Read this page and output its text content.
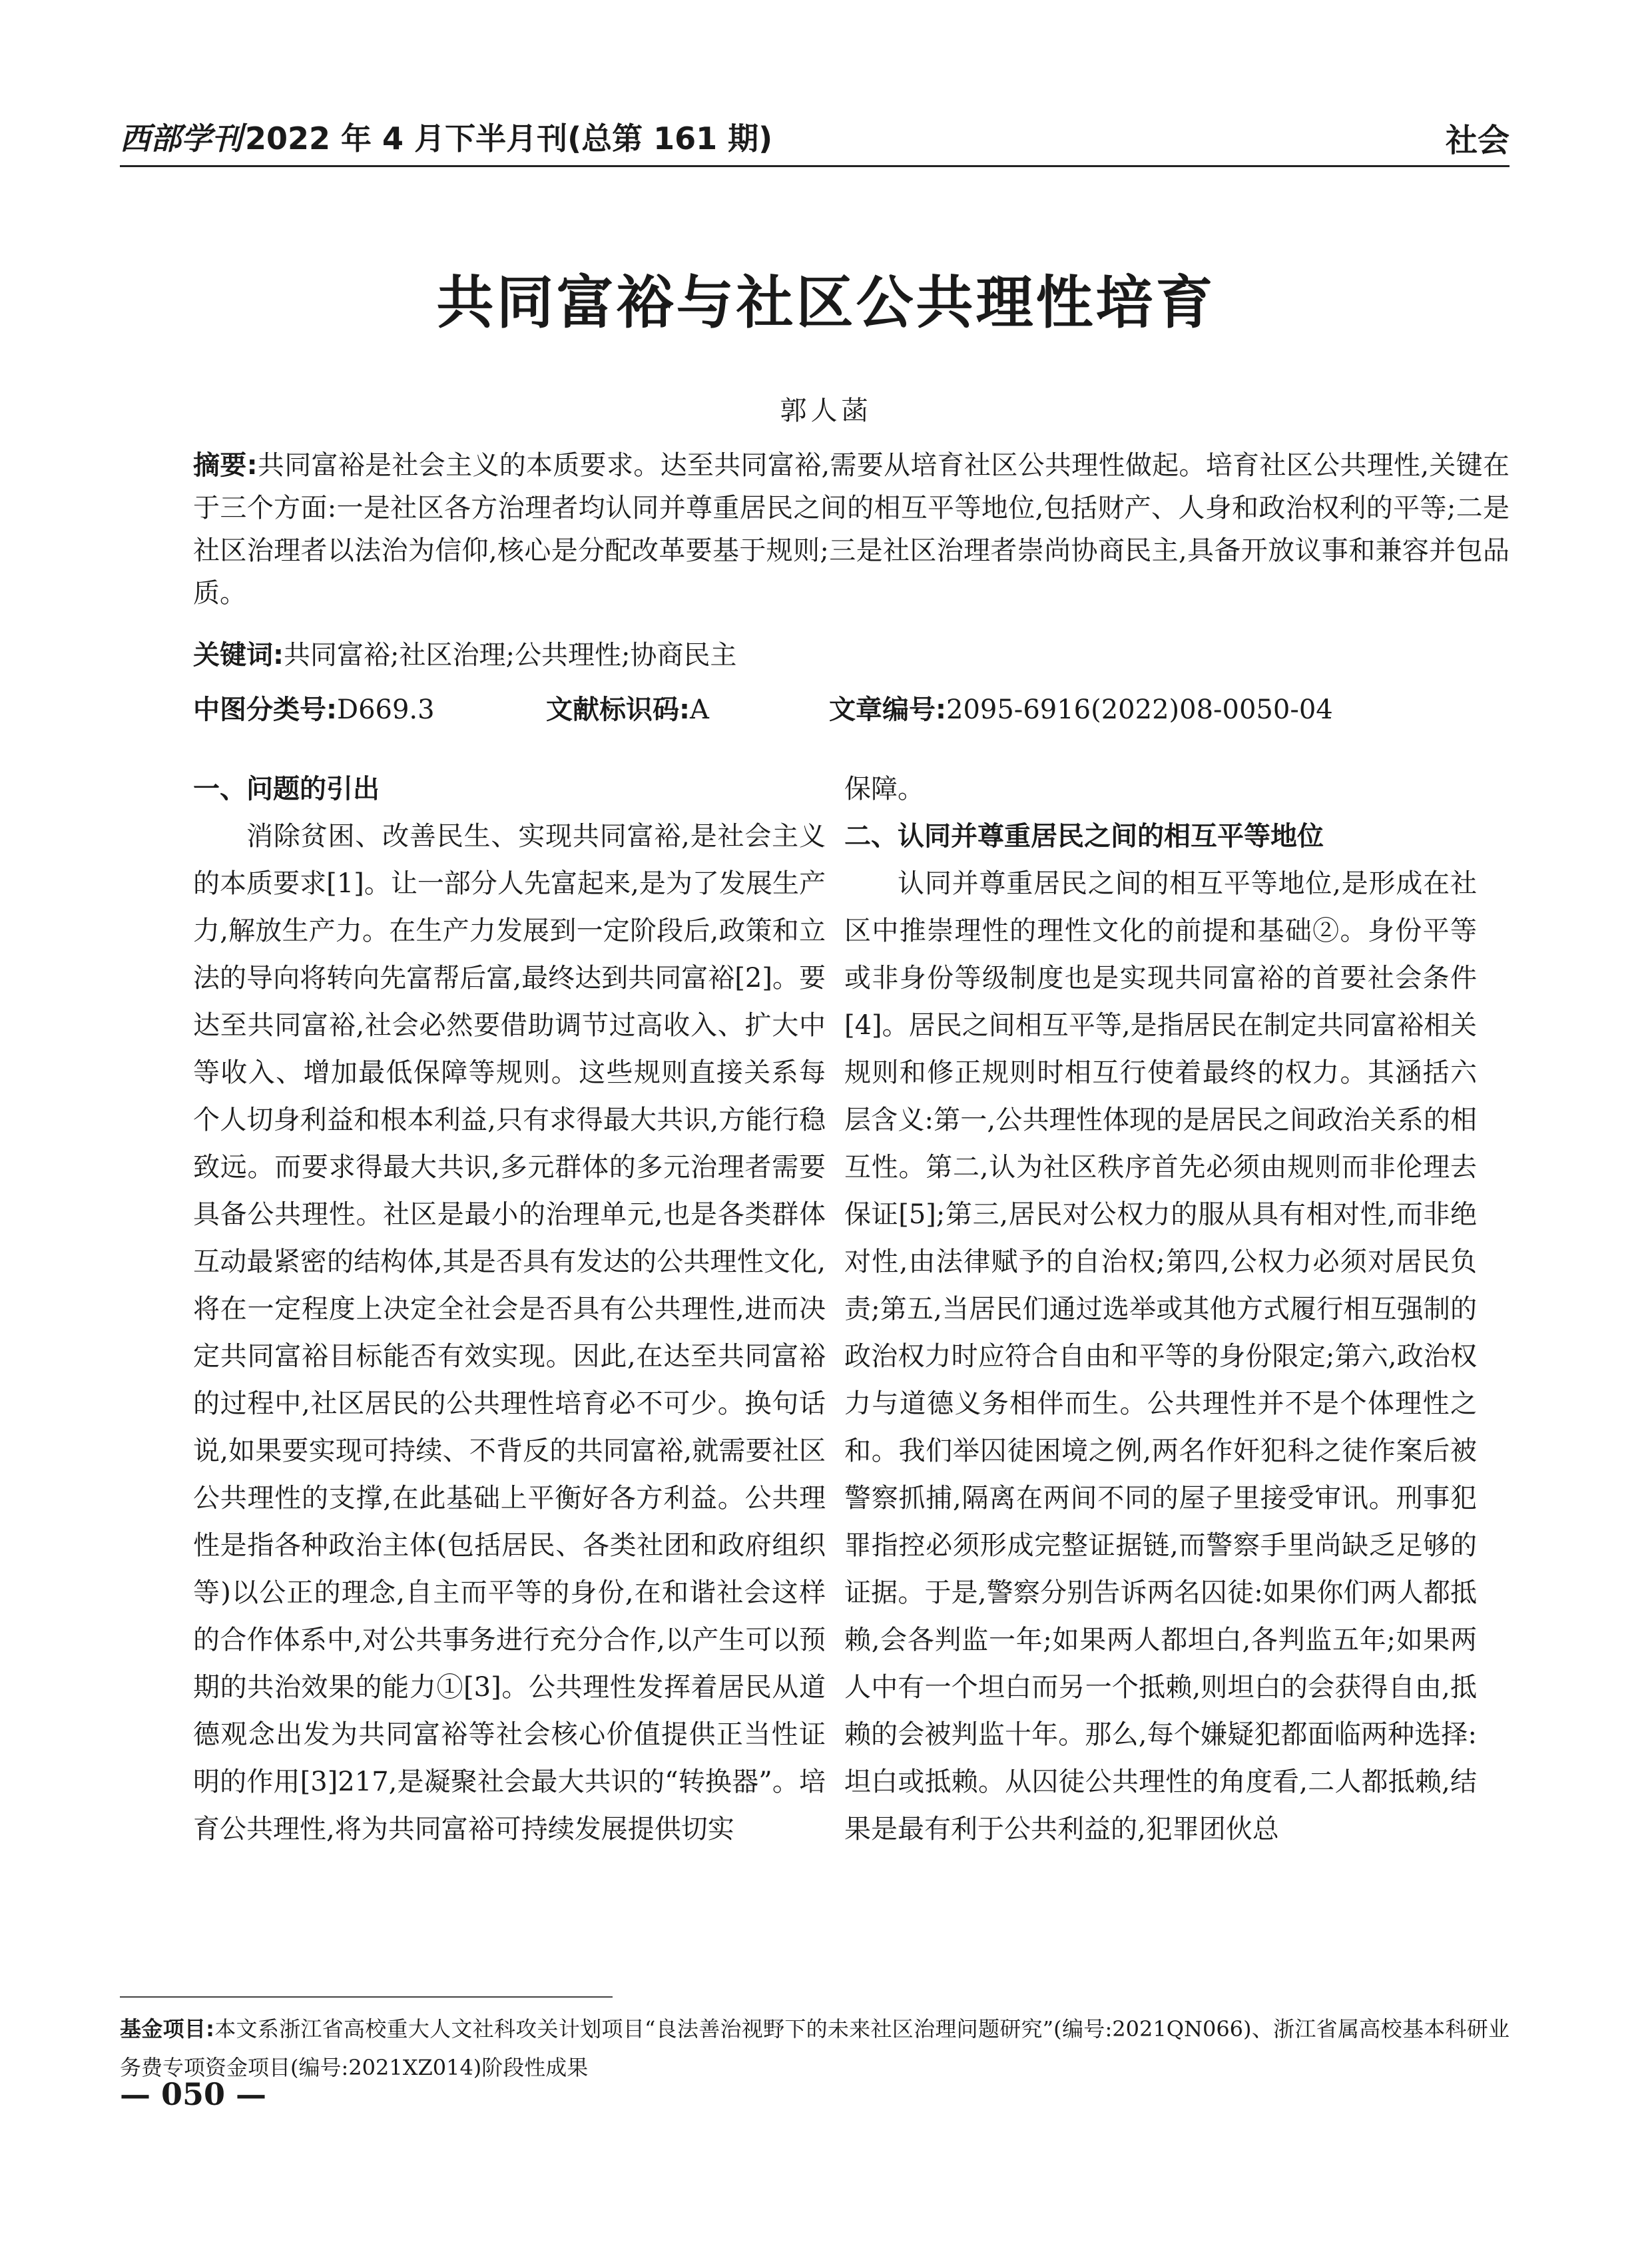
西部学刊2022 年 4 月下半月刊(总第 161 期)	社会
共同富裕与社区公共理性培育
郭人菡
摘要:共同富裕是社会主义的本质要求。达至共同富裕,需要从培育社区公共理性做起。培育社区公共理性,关键在于三个方面:一是社区各方治理者均认同并尊重居民之间的相互平等地位,包括财产、人身和政治权利的平等;二是社区治理者以法治为信仰,核心是分配改革要基于规则;三是社区治理者崇尚协商民主,具备开放议事和兼容并包品质。
关键词:共同富裕;社区治理;公共理性;协商民主
中图分类号:D669.3	文献标识码:A	文章编号:2095-6916(2022)08-0050-04
一、问题的引出

消除贫困、改善民生、实现共同富裕,是社会主义的本质要求[1]。让一部分人先富起来,是为了发展生产力,解放生产力。在生产力发展到一定阶段后,政策和立法的导向将转向先富帮后富,最终达到共同富裕[2]。要达至共同富裕,社会必然要借助调节过高收入、扩大中等收入、增加最低保障等规则。这些规则直接关系每个人切身利益和根本利益,只有求得最大共识,方能行稳致远。而要求得最大共识,多元群体的多元治理者需要具备公共理性。社区是最小的治理单元,也是各类群体互动最紧密的结构体,其是否具有发达的公共理性文化,将在一定程度上决定全社会是否具有公共理性,进而决定共同富裕目标能否有效实现。因此,在达至共同富裕的过程中,社区居民的公共理性培育必不可少。换句话说,如果要实现可持续、不背反的共同富裕,就需要社区公共理性的支撑,在此基础上平衡好各方利益。公共理性是指各种政治主体(包括居民、各类社团和政府组织等)以公正的理念,自主而平等的身份,在和谐社会这样的合作体系中,对公共事务进行充分合作,以产生可以预期的共治效果的能力①[3]。公共理性发挥着居民从道德观念出发为共同富裕等社会核心价值提供正当性证明的作用[3]217,是凝聚社会最大共识的“转换器”。培育公共理性,将为共同富裕可持续发展提供切实

保障。

二、认同并尊重居民之间的相互平等地位

认同并尊重居民之间的相互平等地位,是形成在社区中推崇理性的理性文化的前提和基础②。身份平等或非身份等级制度也是实现共同富裕的首要社会条件[4]。居民之间相互平等,是指居民在制定共同富裕相关规则和修正规则时相互行使着最终的权力。其涵括六层含义:第一,公共理性体现的是居民之间政治关系的相互性。第二,认为社区秩序首先必须由规则而非伦理去保证[5];第三,居民对公权力的服从具有相对性,而非绝对性,由法律赋予的自治权;第四,公权力必须对居民负责;第五,当居民们通过选举或其他方式履行相互强制的政治权力时应符合自由和平等的身份限定;第六,政治权力与道德义务相伴而生。公共理性并不是个体理性之和。我们举囚徒困境之例,两名作奸犯科之徒作案后被警察抓捕,隔离在两间不同的屋子里接受审讯。刑事犯罪指控必须形成完整证据链,而警察手里尚缺乏足够的证据。于是,警察分别告诉两名囚徒:如果你们两人都抵赖,会各判监一年;如果两人都坦白,各判监五年;如果两人中有一个坦白而另一个抵赖,则坦白的会获得自由,抵赖的会被判监十年。那么,每个嫌疑犯都面临两种选择:坦白或抵赖。从囚徒公共理性的角度看,二人都抵赖,结果是最有利于公共利益的,犯罪团伙总

基金项目:本文系浙江省高校重大人文社科攻关计划项目“良法善治视野下的未来社区治理问题研究”(编号:2021QN066)、浙江省属高校基本科研业务费专项资金项目(编号:2021XZ014)阶段性成果
— 050 —
